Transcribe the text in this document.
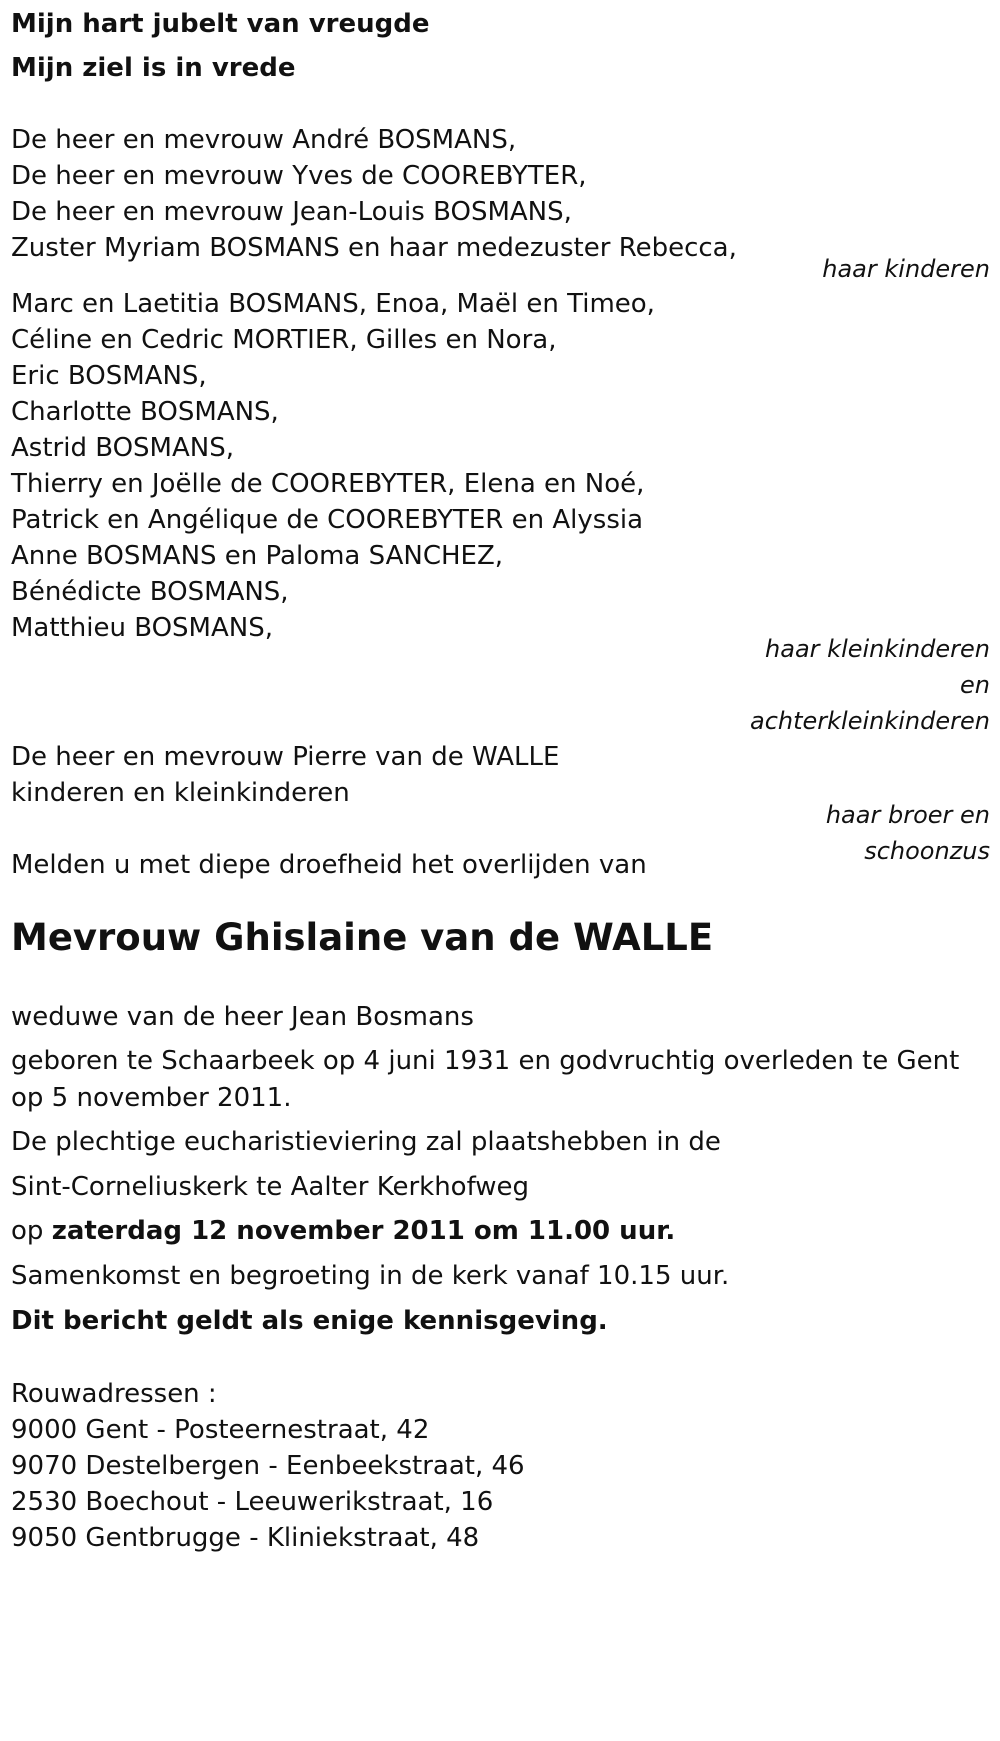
Mijn hart jubelt van vreugde

Mijn ziel is in vrede

De heer en mevrouw André BOSMANS,

De heer en mevrouw Yves de COOREBYTER,

De heer en mevrouw Jean-Louis BOSMANS,

Zuster Myriam BOSMANS en haar medezuster Rebecca,

haar kinderen

Marc en Laetitia BOSMANS, Enoa, Maël en Timeo,

Céline en Cedric MORTIER, Gilles en Nora,

Eric BOSMANS,

Charlotte BOSMANS,

Astrid BOSMANS,

Thierry en Joëlle de COOREBYTER, Elena en Noé,

Patrick en Angélique de COOREBYTER en Alyssia

Anne BOSMANS en Paloma SANCHEZ,

Bénédicte BOSMANS,

Matthieu BOSMANS,

haar kleinkinderen

en

achterkleinkinderen

De heer en mevrouw Pierre van de WALLE

kinderen en kleinkinderen

haar broer en

schoonzus

Melden u met diepe droefheid het overlijden van

Mevrouw Ghislaine van de WALLE

weduwe van de heer Jean Bosmans

geboren te Schaarbeek op 4 juni 1931 en godvruchtig overleden te Gent

op 5 november 2011.

De plechtige eucharistieviering zal plaatshebben in de

Sint-Corneliuskerk te Aalter Kerkhofweg

op zaterdag 12 november 2011 om 11.00 uur.

Samenkomst en begroeting in de kerk vanaf 10.15 uur.

Dit bericht geldt als enige kennisgeving.

Rouwadressen :

9000 Gent - Posteernestraat, 42

9070 Destelbergen - Eenbeekstraat, 46

2530 Boechout - Leeuwerikstraat, 16

9050 Gentbrugge - Kliniekstraat, 48
